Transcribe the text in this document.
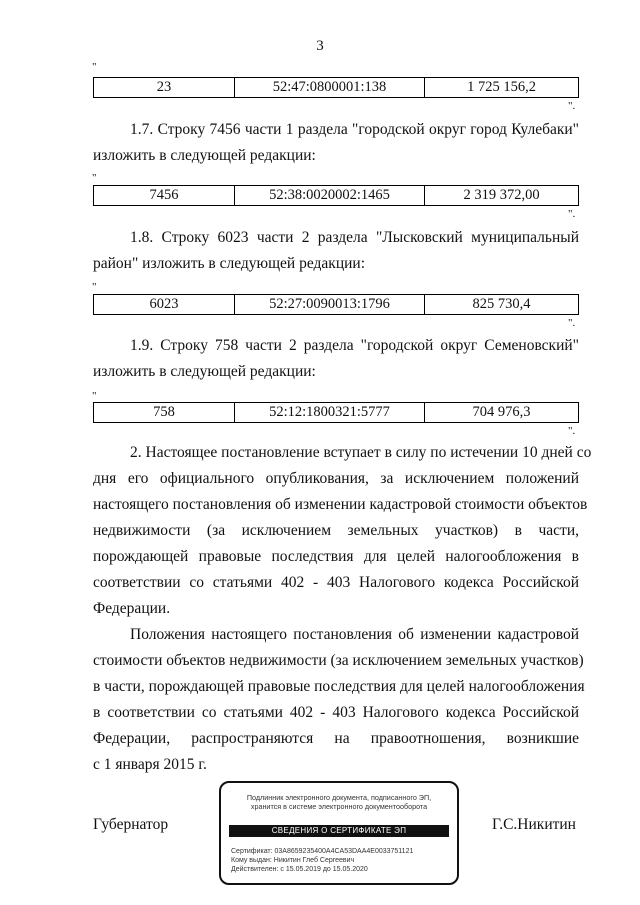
3
"
23	52:47:0800001:138	1 725 156,2
".
1.7. Строку 7456 части 1 раздела "городской округ город Кулебаки"
изложить в следующей редакции:
"
7456	52:38:0020002:1465	2 319 372,00
".
1.8. Строку 6023 части 2 раздела "Лысковский муниципальный
район" изложить в следующей редакции:
"
6023	52:27:0090013:1796	825 730,4
".
1.9. Строку 758 части 2 раздела "городской округ Семеновский"
изложить в следующей редакции:
"
758	52:12:1800321:5777	704 976,3
".
2. Настоящее постановление вступает в силу по истечении 10 дней со
дня его официального опубликования, за исключением положений
настоящего постановления об изменении кадастровой стоимости объектов
недвижимости (за исключением земельных участков) в части,
порождающей правовые последствия для целей налогообложения в
соответствии со статьями 402 - 403 Налогового кодекса Российской
Федерации.
Положения настоящего постановления об изменении кадастровой
стоимости объектов недвижимости (за исключением земельных участков)
в части, порождающей правовые последствия для целей налогообложения
в соответствии со статьями 402 - 403 Налогового кодекса Российской
Федерации, распространяются на правоотношения, возникшие
с 1 января 2015 г.
Губернатор	Г.С.Никитин
Подлинник электронного документа, подписанного ЭП,
хранится в системе электронного документооборота
СВЕДЕНИЯ О СЕРТИФИКАТЕ ЭП
Сертификат: 03A8659235400A4CA53DAA4E0033751121
Кому выдан: Никитин Глеб Сергеевич
Действителен: с 15.05.2019 до 15.05.2020
